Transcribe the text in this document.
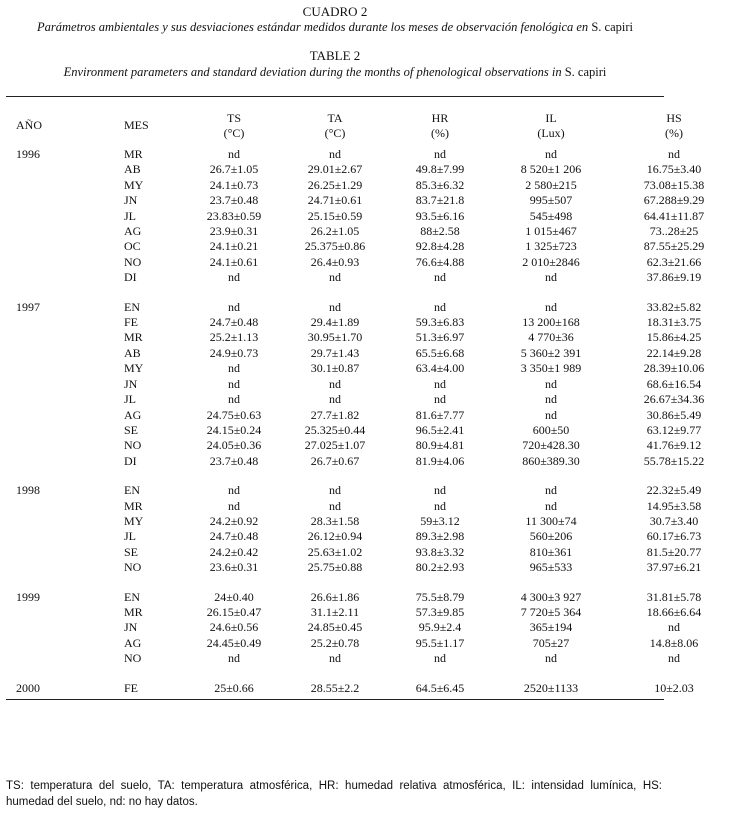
CUADRO 2
Parámetros ambientales y sus desviaciones estándar medidos durante los meses de observación fenológica en S. capiri
TABLE 2
Environment parameters and standard deviation during the months of phenological observations in S. capiri
		TS	TA	HR	IL	HS
AÑO	MES	(°C)	(°C)	(%)	(Lux)	(%)

1996	MR	nd	nd	nd	nd	nd
	AB	26.7±1.05	29.01±2.67	49.8±7.99	8 520±1 206	16.75±3.40
	MY	24.1±0.73	26.25±1.29	85.3±6.32	2 580±215	73.08±15.38
	JN	23.7±0.48	24.71±0.61	83.7±21.8	995±507	67.288±9.29
	JL	23.83±0.59	25.15±0.59	93.5±6.16	545±498	64.41±11.87
	AG	23.9±0.31	26.2±1.05	88±2.58	1 015±467	73..28±25
	OC	24.1±0.21	25.375±0.86	92.8±4.28	1 325±723	87.55±25.29
	NO	24.1±0.61	26.4±0.93	76.6±4.88	2 010±2846	62.3±21.66
	DI	nd	nd	nd	nd	37.86±9.19

1997	EN	nd	nd	nd	nd	33.82±5.82
	FE	24.7±0.48	29.4±1.89	59.3±6.83	13 200±168	18.31±3.75
	MR	25.2±1.13	30.95±1.70	51.3±6.97	4 770±36	15.86±4.25
	AB	24.9±0.73	29.7±1.43	65.5±6.68	5 360±2 391	22.14±9.28
	MY	nd	30.1±0.87	63.4±4.00	3 350±1 989	28.39±10.06
	JN	nd	nd	nd	nd	68.6±16.54
	JL	nd	nd	nd	nd	26.67±34.36
	AG	24.75±0.63	27.7±1.82	81.6±7.77	nd	30.86±5.49
	SE	24.15±0.24	25.325±0.44	96.5±2.41	600±50	63.12±9.77
	NO	24.05±0.36	27.025±1.07	80.9±4.81	720±428.30	41.76±9.12
	DI	23.7±0.48	26.7±0.67	81.9±4.06	860±389.30	55.78±15.22

1998	EN	nd	nd	nd	nd	22.32±5.49
	MR	nd	nd	nd	nd	14.95±3.58
	MY	24.2±0.92	28.3±1.58	59±3.12	11 300±74	30.7±3.40
	JL	24.7±0.48	26.12±0.94	89.3±2.98	560±206	60.17±6.73
	SE	24.2±0.42	25.63±1.02	93.8±3.32	810±361	81.5±20.77
	NO	23.6±0.31	25.75±0.88	80.2±2.93	965±533	37.97±6.21

1999	EN	24±0.40	26.6±1.86	75.5±8.79	4 300±3 927	31.81±5.78
	MR	26.15±0.47	31.1±2.11	57.3±9.85	7 720±5 364	18.66±6.64
	JN	24.6±0.56	24.85±0.45	95.9±2.4	365±194	nd
	AG	24.45±0.49	25.2±0.78	95.5±1.17	705±27	14.8±8.06
	NO	nd	nd	nd	nd	nd

2000	FE	25±0.66	28.55±2.2	64.5±6.45	2520±1133	10±2.03
TS: temperatura del suelo, TA: temperatura atmosférica, HR: humedad relativa atmosférica, IL: intensidad lumínica, HS: humedad del suelo, nd: no hay datos.
